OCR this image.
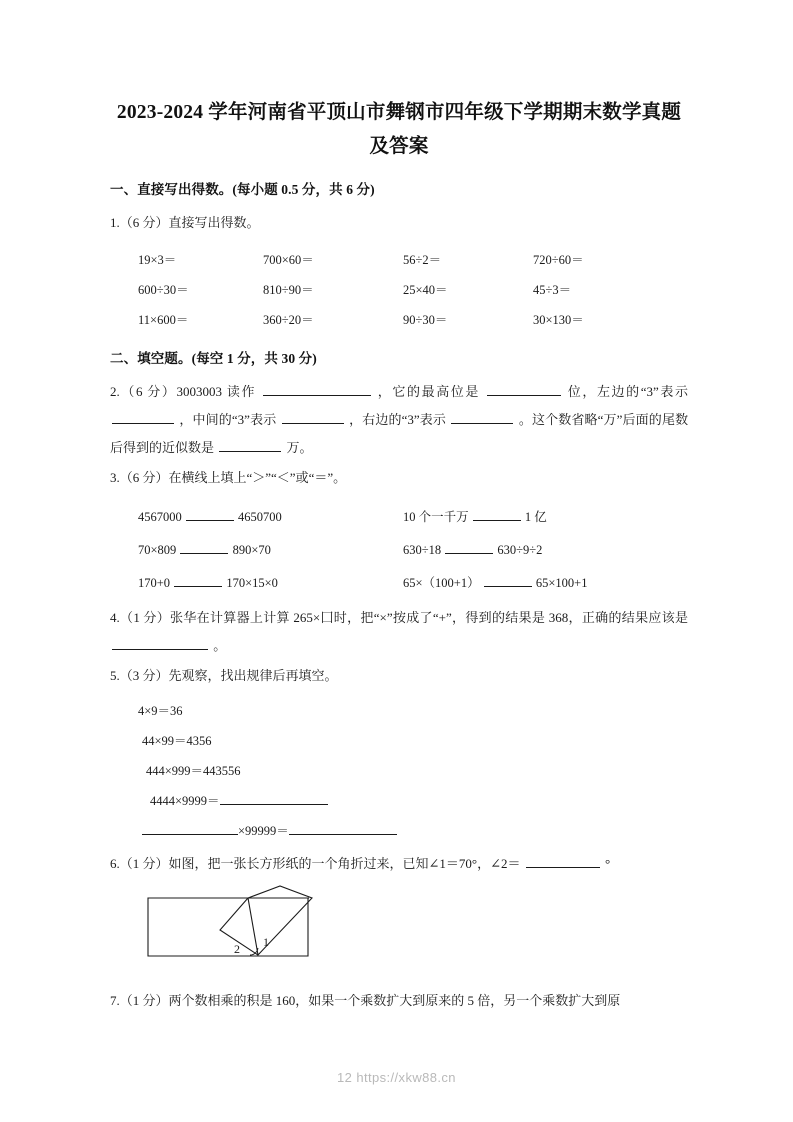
2023-2024 学年河南省平顶山市舞钢市四年级下学期期末数学真题及答案
一、直接写出得数。(每小题 0.5 分，共 6 分)
1.（6 分）直接写出得数。
19×3＝	700×60＝	56÷2＝	720÷60＝
600÷30＝	810÷90＝	25×40＝	45÷3＝
11×600＝	360÷20＝	90÷30＝	30×130＝
二、填空题。(每空 1 分，共 30 分)
2.（6 分）3003003 读作	，它的最高位是	位，左边的“3”表示  ，中间的“3”表示	，右边的“3”表示	。这个数省略“万”后面的尾数后得到的近似数是	万。
3.（6 分）在横线上填上“＞”“＜”或“＝”。
4567000	4650700	10 个一千万	1 亿
70×809	890×70	630÷18	630÷9÷2
170+0	170×15×0	65×（100+1）	65×100+1
4.（1 分）张华在计算器上计算 265×囗时，把“×”按成了“+”，得到的结果是 368，正确的结果应该是  。
5.（3 分）先观察，找出规律后再填空。
4×9＝36
44×99＝4356
444×999＝443556
4444×9999＝
×99999＝
6.（1 分）如图，把一张长方形纸的一个角折过来，已知∠1＝70°，∠2＝	°
1
2
7.（1 分）两个数相乘的积是 160，如果一个乘数扩大到原来的 5 倍，另一个乘数扩大到原
12 https://xkw88.cn
